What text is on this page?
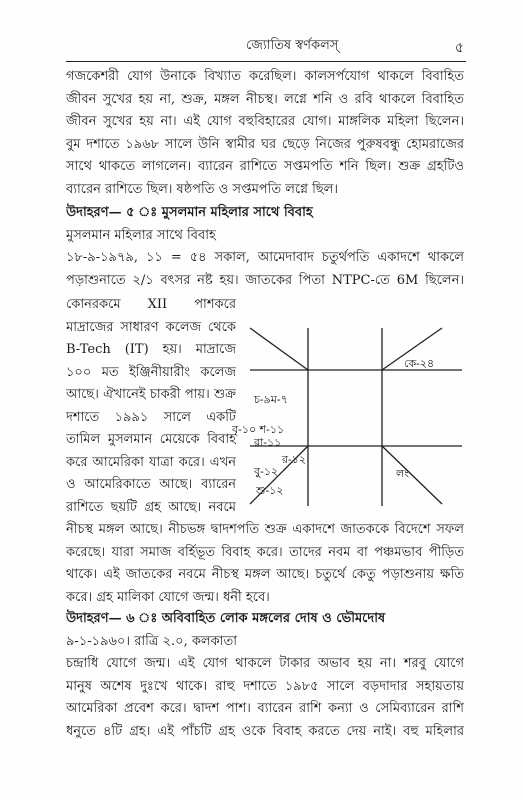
জ্যোতিষ স্বর্ণকলস্‌	৫
গজকেশরী যোগ উনাকে বিখ্যাত করেছিল। কালসর্পযোগ থাকলে বিবাহিত
জীবন সুখের হয় না, শুক্র, মঙ্গল নীচস্থ। লগ্নে শনি ও রবি থাকলে বিবাহিত
জীবন সুখের হয় না। এই যোগ বহুবিহারের যোগ। মাঙ্গলিক মহিলা ছিলেন।
বুম দশাতে ১৯৬৮ সালে উনি স্বামীর ঘর ছেড়ে নিজের পুরুষবন্ধু হোমরাজের
সাথে থাকতে লাগলেন। ব্যারেন রাশিতে সপ্তমপতি শনি ছিল। শুক্র গ্রহটিও
ব্যারেন রাশিতে ছিল। ষষ্ঠপতি ও সপ্তমপতি লগ্নে ছিল।
উদাহরণ— ৫ ঃ মুসলমান মহিলার সাথে বিবাহ
মুসলমান মহিলার সাথে বিবাহ
১৮-৯-১৯৭৯, ১১ = ৫৪ সকাল, আমেদাবাদ চতুর্থপতি একাদশে থাকলে
পড়াশুনাতে ২/১ বৎসর নষ্ট হয়। জাতকের পিতা NTPC-তে 6M ছিলেন।
কোনরকমে XII পাশকরে
মাদ্রাজের সাধারণ কলেজ থেকে
B-Tech (IT) হয়। মাদ্রাজে
১০০ মত ইঞ্জিনীয়ারীং কলেজ
আছে। ঐখানেই চাকরী পায়। শুক্র
দশাতে ১৯৯১ সালে একটি
তামিল মুসলমান মেয়েকে বিবাহ
করে আমেরিকা যাত্রা করে। এখন
ও আমেরিকাতে আছে। ব্যারেন
রাশিতে ছয়টি গ্রহ আছে। নবমে
কে-২৪
চ-৯ম-৭
বৃ-১০ শ-১১
রা-১১
র-১২
বু-১২
শু-১২
লং
নীচস্থ মঙ্গল আছে। নীচভঙ্গ দ্বাদশপতি শুক্র একাদশে জাতককে বিদেশে সফল
করেছে। যারা সমাজ বর্হিভূত বিবাহ করে। তাদের নবম বা পঞ্চমভাব পীড়িত
থাকে। এই জাতকের নবমে নীচস্থ মঙ্গল আছে। চতুর্থে কেতু পড়াশুনায় ক্ষতি
করে। গ্রহ মালিকা যোগে জন্ম। ধনী হবে।
উদাহরণ— ৬ ঃ অবিবাহিত লোক মঙ্গলের দোষ ও ভৌমদোষ
৯-১-১৯৬০। রাত্রি ২.০, কলকাতা
চন্দ্রাধি যোগে জন্ম। এই যোগ থাকলে টাকার অভাব হয় না। শরবু যোগে
মানুষ অশেষ দুঃখে থাকে। রাহু দশাতে ১৯৮৫ সালে বড়দাদার সহায়তায়
আমেরিকা প্রবেশ করে। দ্বাদশ পাশ। ব্যারেন রাশি কন্যা ও সেমিব্যারেন রাশি
ধনুতে ৪টি গ্রহ। এই পাঁচটি গ্রহ ওকে বিবাহ করতে দেয় নাই। বহু মহিলার
